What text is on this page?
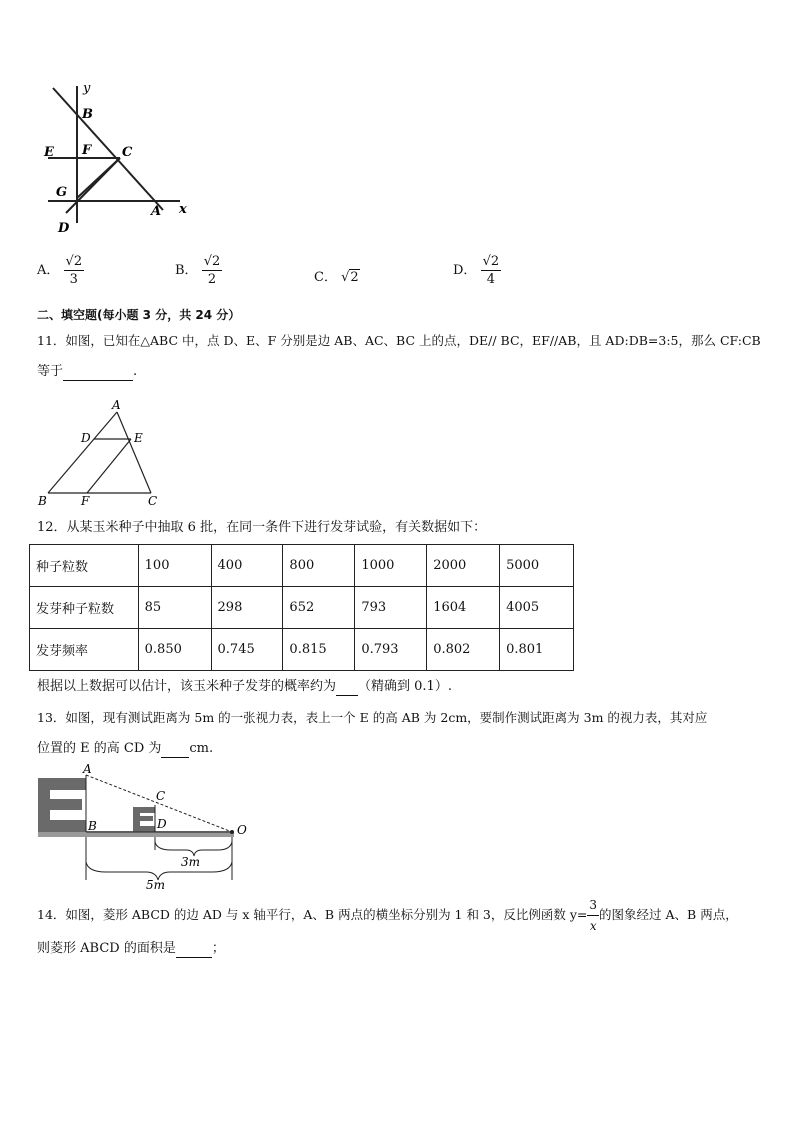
y
B
E F C
G
A x
D
A． $\frac{√2}{3}$	B． $\frac{√2}{2}$	C． √2	D． $\frac{√2}{4}$
二、填空题(每小题 3 分，共 24 分）
11．如图，已知在△ABC 中，点 D、E、F 分别是边 AB、AC、BC 上的点，DE// BC，EF//AB，且 AD:DB=3:5，那么 CF:CB
等于	.
A
D	E
B	F	C
12．从某玉米种子中抽取 6 批，在同一条件下进行发芽试验，有关数据如下：
种子粒数	100	400	800	1000	2000	5000
发芽种子粒数	85	298	652	793	1604	4005
发芽频率	0.850	0.745	0.815	0.793	0.802	0.801
根据以上数据可以估计，该玉米种子发芽的概率约为 （精确到 0.1）.
13．如图，现有测试距离为 5m 的一张视力表，表上一个 E 的高 AB 为 2cm，要制作测试距离为 3m 的视力表，其对应
位置的 E 的高 CD 为 cm.
A
B
C
D	O
3m
5m
14．如图，菱形 ABCD 的边 AD 与 x 轴平行，A、B 两点的横坐标分别为 1 和 3，反比例函数 $y= \frac{3}{x}$ 的图象经过 A、B 两点，
则菱形 ABCD 的面积是	；
